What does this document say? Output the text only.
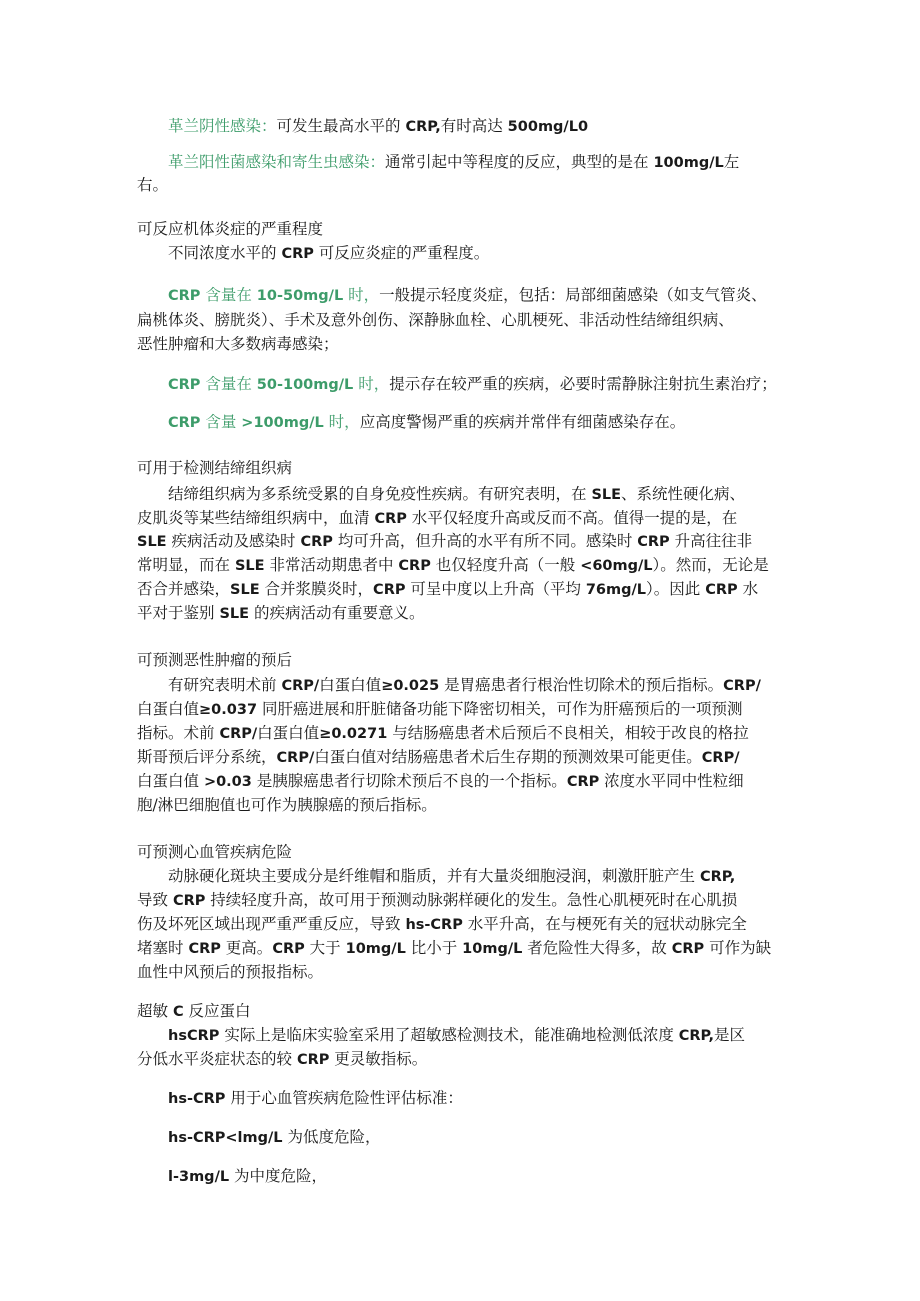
革兰阴性感染：可发生最高水平的 CRP,有时高达 500mg/L0
革兰阳性菌感染和寄生虫感染：通常引起中等程度的反应，典型的是在 100mg/L左
右。
可反应机体炎症的严重程度
不同浓度水平的 CRP 可反应炎症的严重程度。
CRP 含量在 10-50mg/L 时，一般提示轻度炎症，包括：局部细菌感染（如支气管炎、
扁桃体炎、膀胱炎）、手术及意外创伤、深静脉血栓、心肌梗死、非活动性结缔组织病、
恶性肿瘤和大多数病毒感染；
CRP 含量在 50-100mg/L 时，提示存在较严重的疾病，必要时需静脉注射抗生素治疗；
CRP 含量 >100mg/L 时，应高度警惕严重的疾病并常伴有细菌感染存在。
可用于检测结缔组织病
结缔组织病为多系统受累的自身免疫性疾病。有研究表明，在 SLE、系统性硬化病、
皮肌炎等某些结缔组织病中，血清 CRP 水平仅轻度升高或反而不高。值得一提的是，在
SLE 疾病活动及感染时 CRP 均可升高，但升高的水平有所不同。感染时 CRP 升高往往非
常明显，而在 SLE 非常活动期患者中 CRP 也仅轻度升高（一般 <60mg/L）。然而，无论是
否合并感染，SLE 合并浆膜炎时，CRP 可呈中度以上升高（平均 76mg/L）。因此 CRP 水
平对于鉴别 SLE 的疾病活动有重要意义。
可预测恶性肿瘤的预后
有研究表明术前 CRP/白蛋白值≥0.025 是胃癌患者行根治性切除术的预后指标。CRP/
白蛋白值≥0.037 同肝癌进展和肝脏储备功能下降密切相关，可作为肝癌预后的一项预测
指标。术前 CRP/白蛋白值≥0.0271 与结肠癌患者术后预后不良相关，相较于改良的格拉
斯哥预后评分系统，CRP/白蛋白值对结肠癌患者术后生存期的预测效果可能更佳。CRP/
白蛋白值 >0.03 是胰腺癌患者行切除术预后不良的一个指标。CRP 浓度水平同中性粒细
胞/淋巴细胞值也可作为胰腺癌的预后指标。
可预测心血管疾病危险
动脉硬化斑块主要成分是纤维帽和脂质，并有大量炎细胞浸润，刺激肝脏产生 CRP,
导致 CRP 持续轻度升高，故可用于预测动脉粥样硬化的发生。急性心肌梗死时在心肌损
伤及坏死区域出现严重严重反应，导致 hs-CRP 水平升高，在与梗死有关的冠状动脉完全
堵塞时 CRP 更高。CRP 大于 10mg/L 比小于 10mg/L 者危险性大得多，故 CRP 可作为缺
血性中风预后的预报指标。
超敏 C 反应蛋白
hsCRP 实际上是临床实验室采用了超敏感检测技术，能准确地检测低浓度 CRP,是区
分低水平炎症状态的较 CRP 更灵敏指标。
hs-CRP 用于心血管疾病危险性评估标准：
hs-CRP<lmg/L 为低度危险，
l-3mg/L 为中度危险，
